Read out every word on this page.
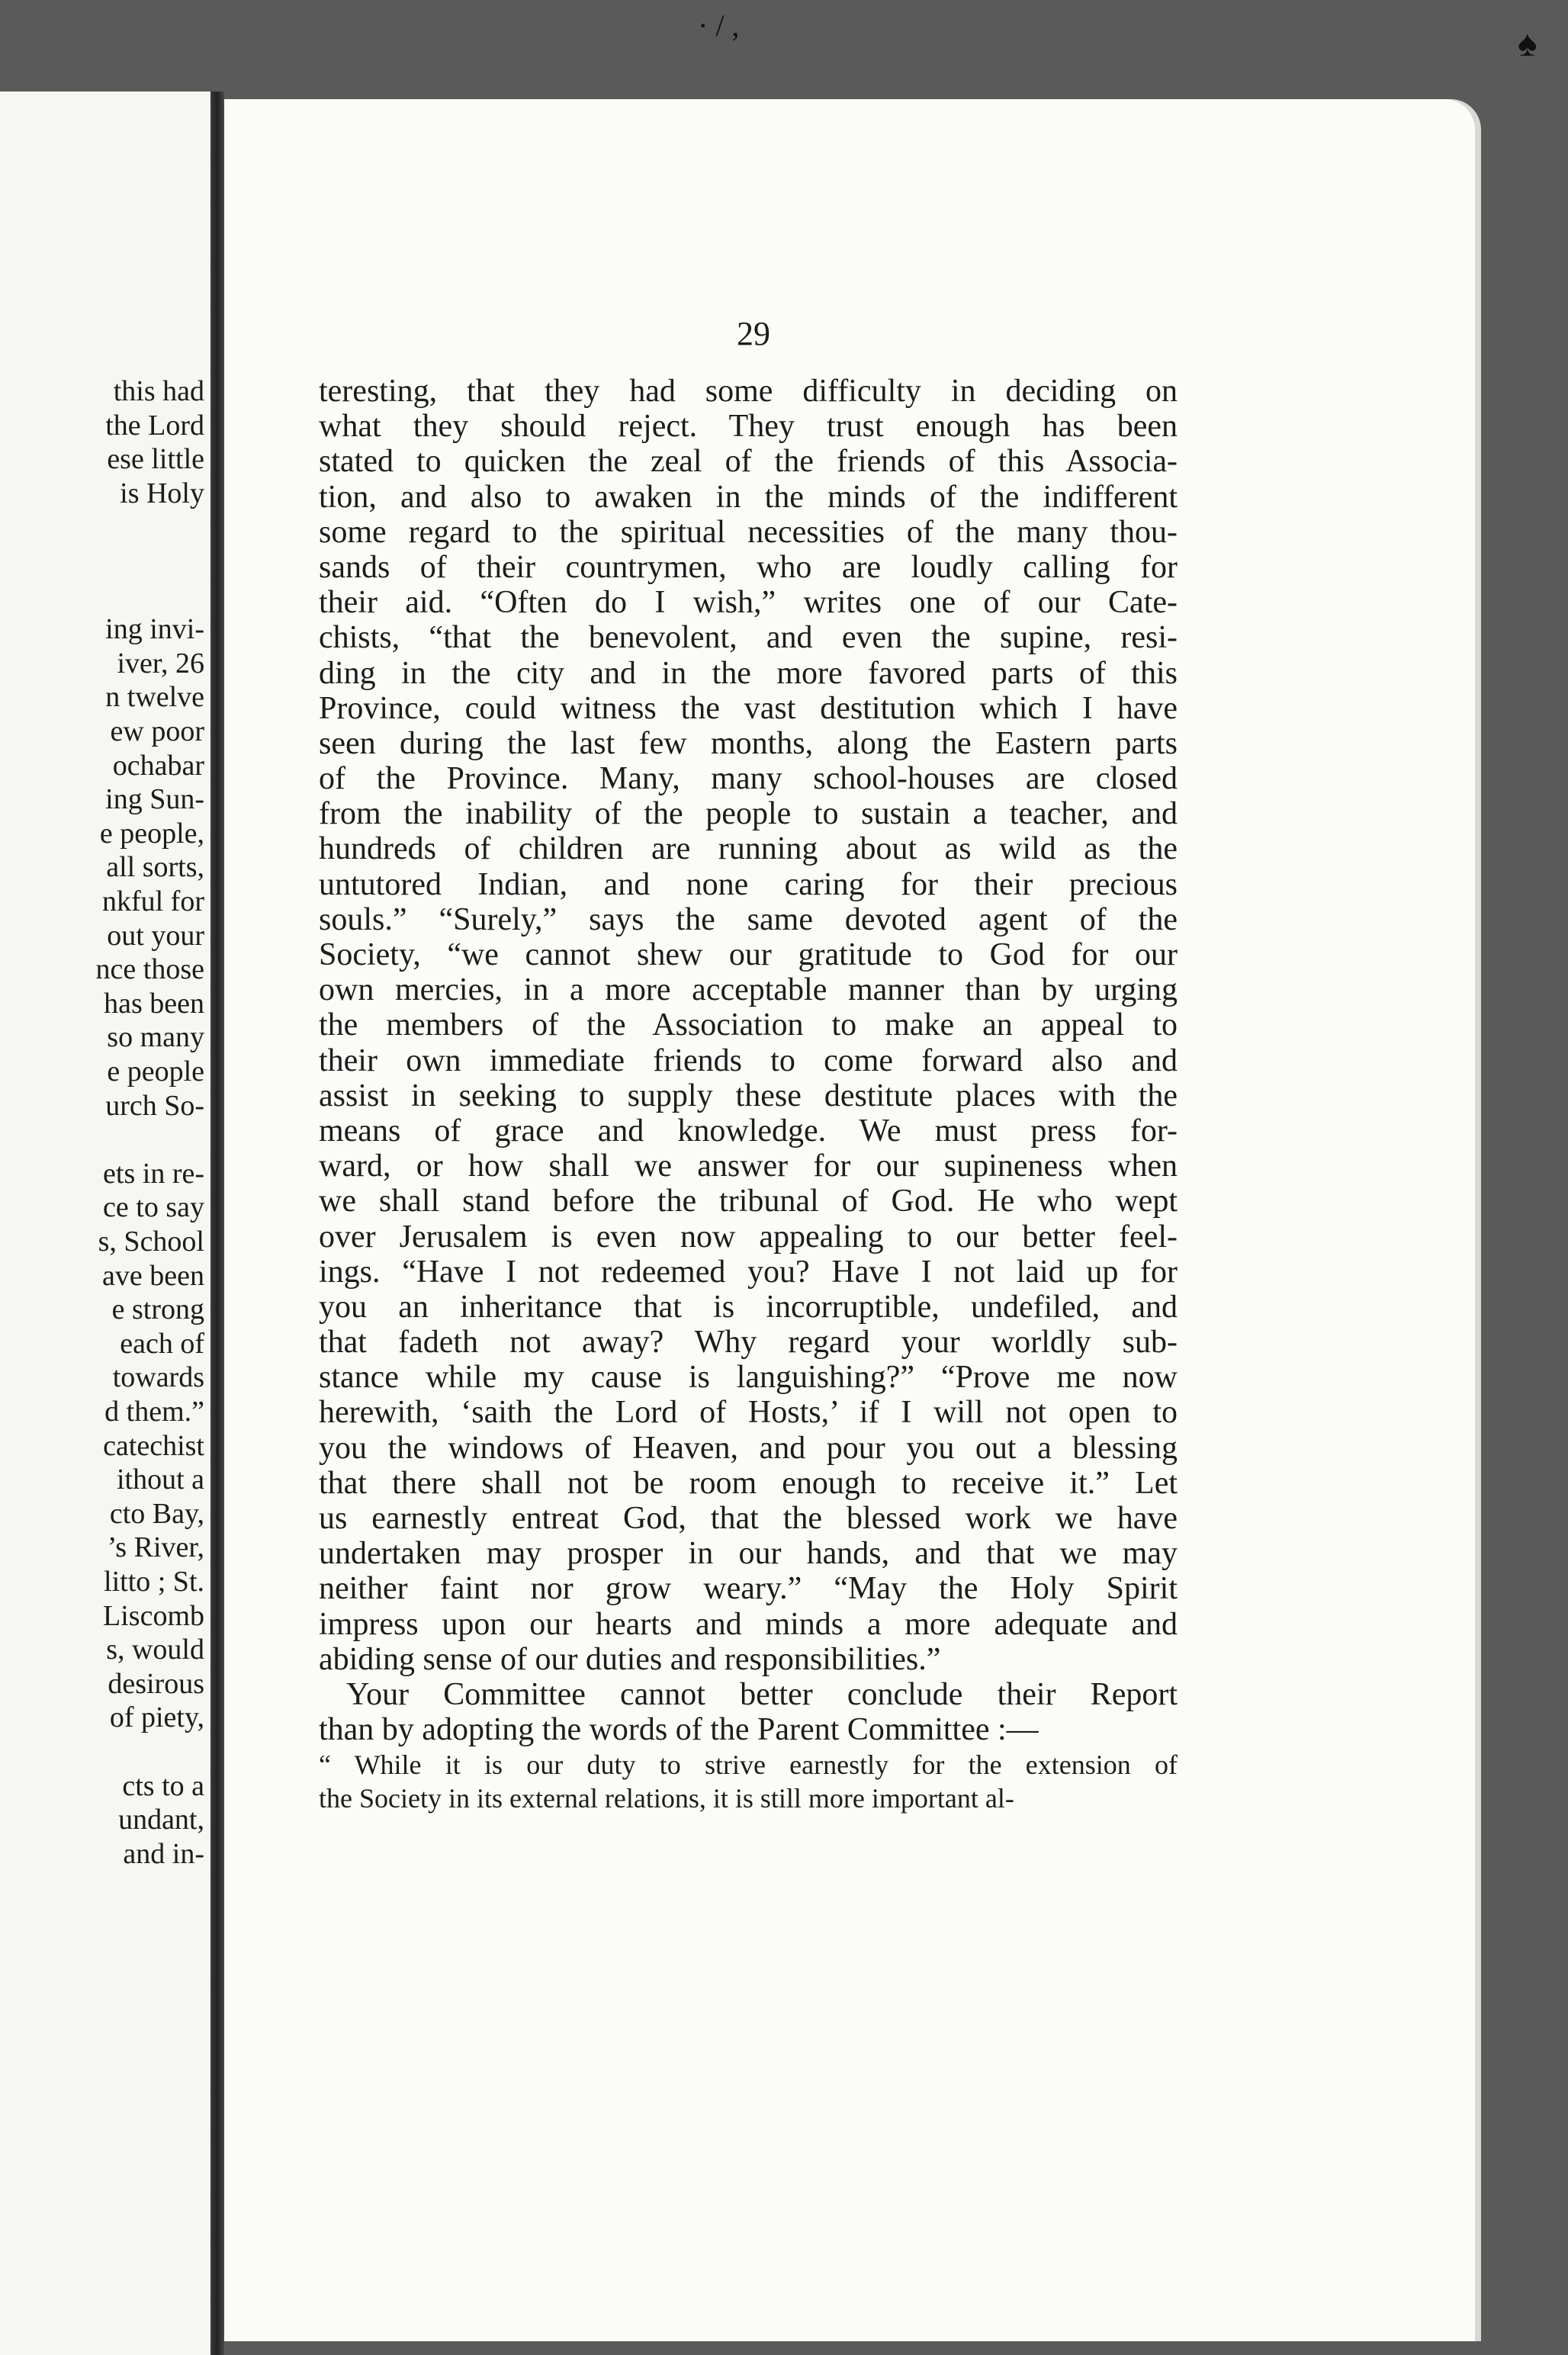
this had
the Lord
ese little
is Holy
ing invi-
iver, 26
n twelve
ew poor
ochabar
ing Sun-
e people,
all sorts,
nkful for
out your
nce those
has been
so many
e people
urch So-
ets in re-
ce to say
s, School
ave been
e strong
each of
towards
d them.”
catechist
ithout a
cto Bay,
’s River,
litto ; St.
Liscomb
s, would
desirous
of piety,
cts to a
undant,
and in-
· / ,	♠
29
teresting, that they had some difficulty in deciding on
what they should reject. They trust enough has been
stated to quicken the zeal of the friends of this Associa-
tion, and also to awaken in the minds of the indifferent
some regard to the spiritual necessities of the many thou-
sands of their countrymen, who are loudly calling for
their aid. “Often do I wish,” writes one of our Cate-
chists, “that the benevolent, and even the supine, resi-
ding in the city and in the more favored parts of this
Province, could witness the vast destitution which I have
seen during the last few months, along the Eastern parts
of the Province. Many, many school-houses are closed
from the inability of the people to sustain a teacher, and
hundreds of children are running about as wild as the
untutored Indian, and none caring for their precious
souls.” “Surely,” says the same devoted agent of the
Society, “we cannot shew our gratitude to God for our
own mercies, in a more acceptable manner than by urging
the members of the Association to make an appeal to
their own immediate friends to come forward also and
assist in seeking to supply these destitute places with the
means of grace and knowledge. We must press for-
ward, or how shall we answer for our supineness when
we shall stand before the tribunal of God. He who wept
over Jerusalem is even now appealing to our better feel-
ings. “Have I not redeemed you? Have I not laid up for
you an inheritance that is incorruptible, undefiled, and
that fadeth not away? Why regard your worldly sub-
stance while my cause is languishing?” “Prove me now
herewith, ‘saith the Lord of Hosts,’ if I will not open to
you the windows of Heaven, and pour you out a blessing
that there shall not be room enough to receive it.” Let
us earnestly entreat God, that the blessed work we have
undertaken may prosper in our hands, and that we may
neither faint nor grow weary.” “May the Holy Spirit
impress upon our hearts and minds a more adequate and
abiding sense of our duties and responsibilities.”
Your Committee cannot better conclude their Report
than by adopting the words of the Parent Committee :—
“ While it is our duty to strive earnestly for the extension of
the Society in its external relations, it is still more important al-
